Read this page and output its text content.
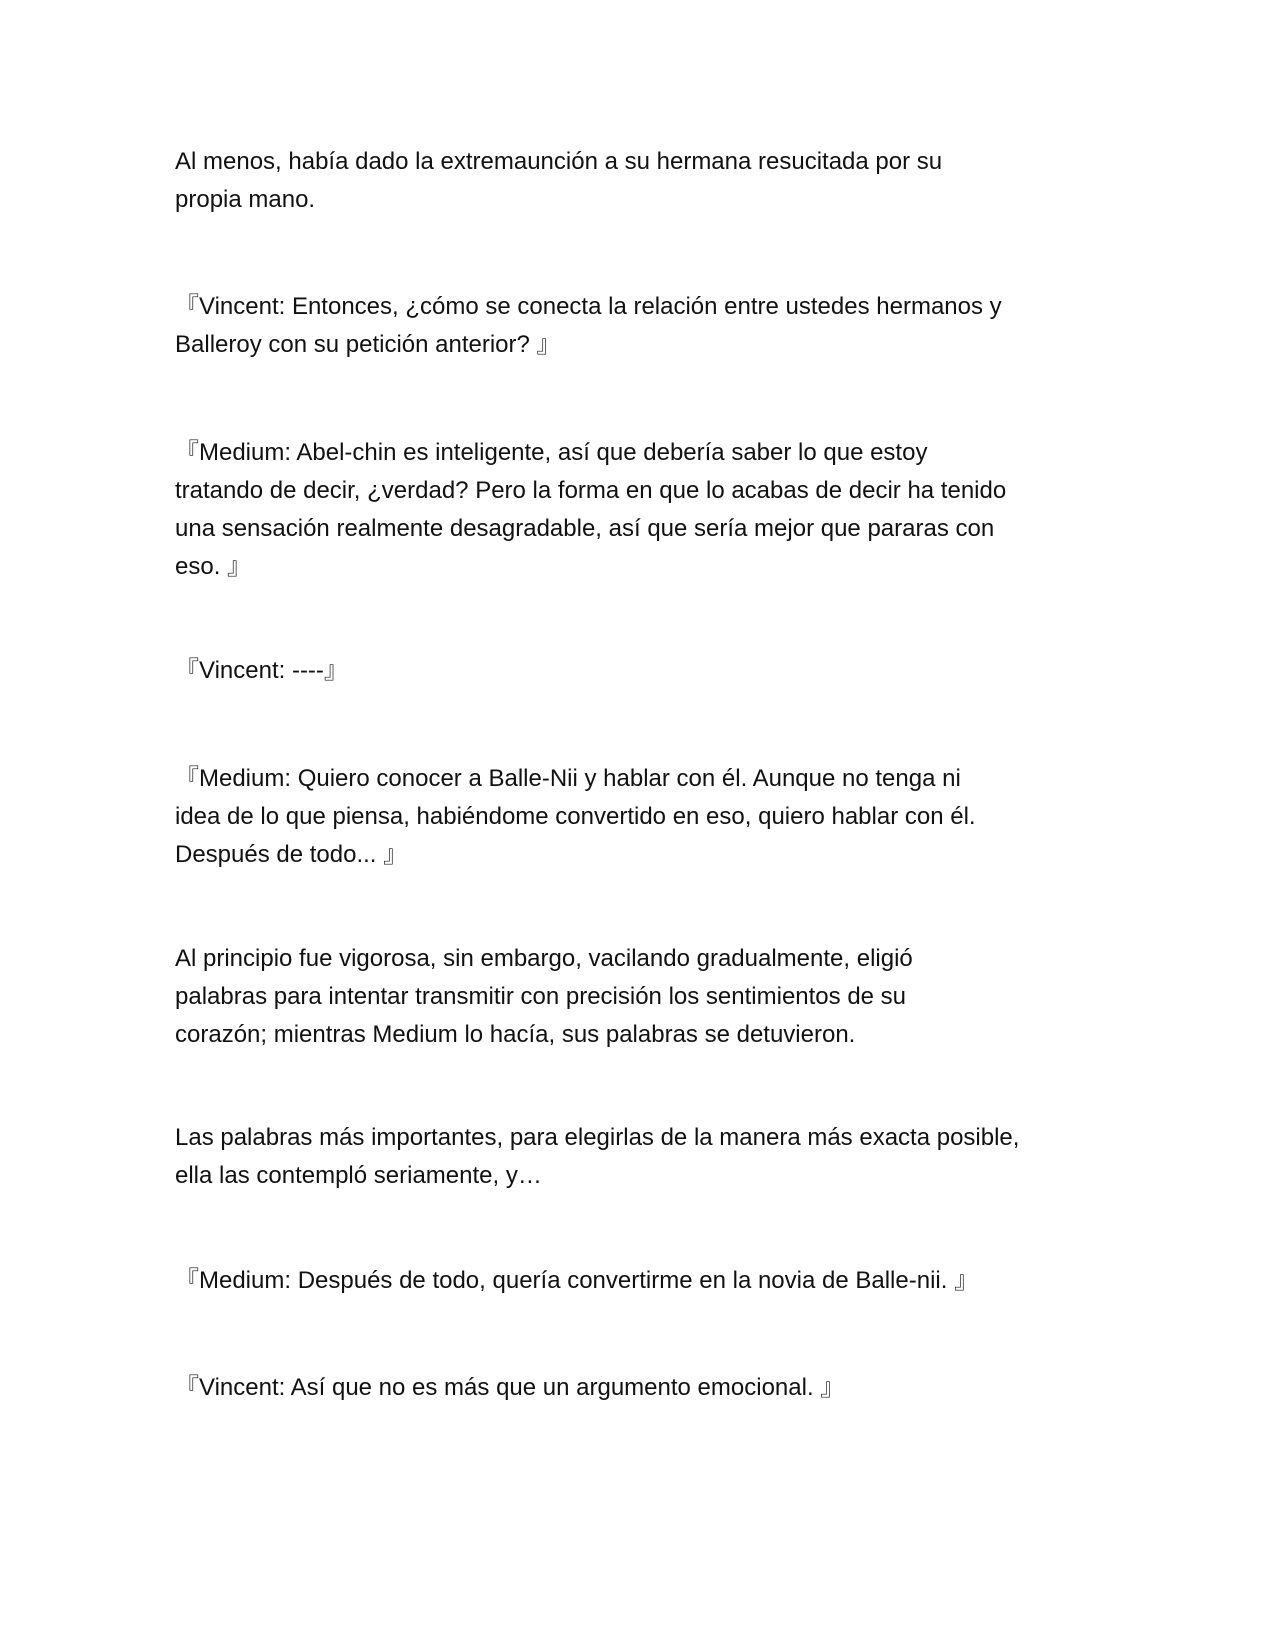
Al menos, había dado la extremaunción a su hermana resucitada por su
propia mano.

『Vincent: Entonces, ¿cómo se conecta la relación entre ustedes hermanos y
Balleroy con su petición anterior? 』

『Medium: Abel-chin es inteligente, así que debería saber lo que estoy
tratando de decir, ¿verdad? Pero la forma en que lo acabas de decir ha tenido
una sensación realmente desagradable, así que sería mejor que pararas con
eso. 』

『Vincent: ----』

『Medium: Quiero conocer a Balle-Nii y hablar con él. Aunque no tenga ni
idea de lo que piensa, habiéndome convertido en eso, quiero hablar con él.
Después de todo... 』

Al principio fue vigorosa, sin embargo, vacilando gradualmente, eligió
palabras para intentar transmitir con precisión los sentimientos de su
corazón; mientras Medium lo hacía, sus palabras se detuvieron.

Las palabras más importantes, para elegirlas de la manera más exacta posible,
ella las contempló seriamente, y…

『Medium: Después de todo, quería convertirme en la novia de Balle-nii. 』

『Vincent: Así que no es más que un argumento emocional. 』
